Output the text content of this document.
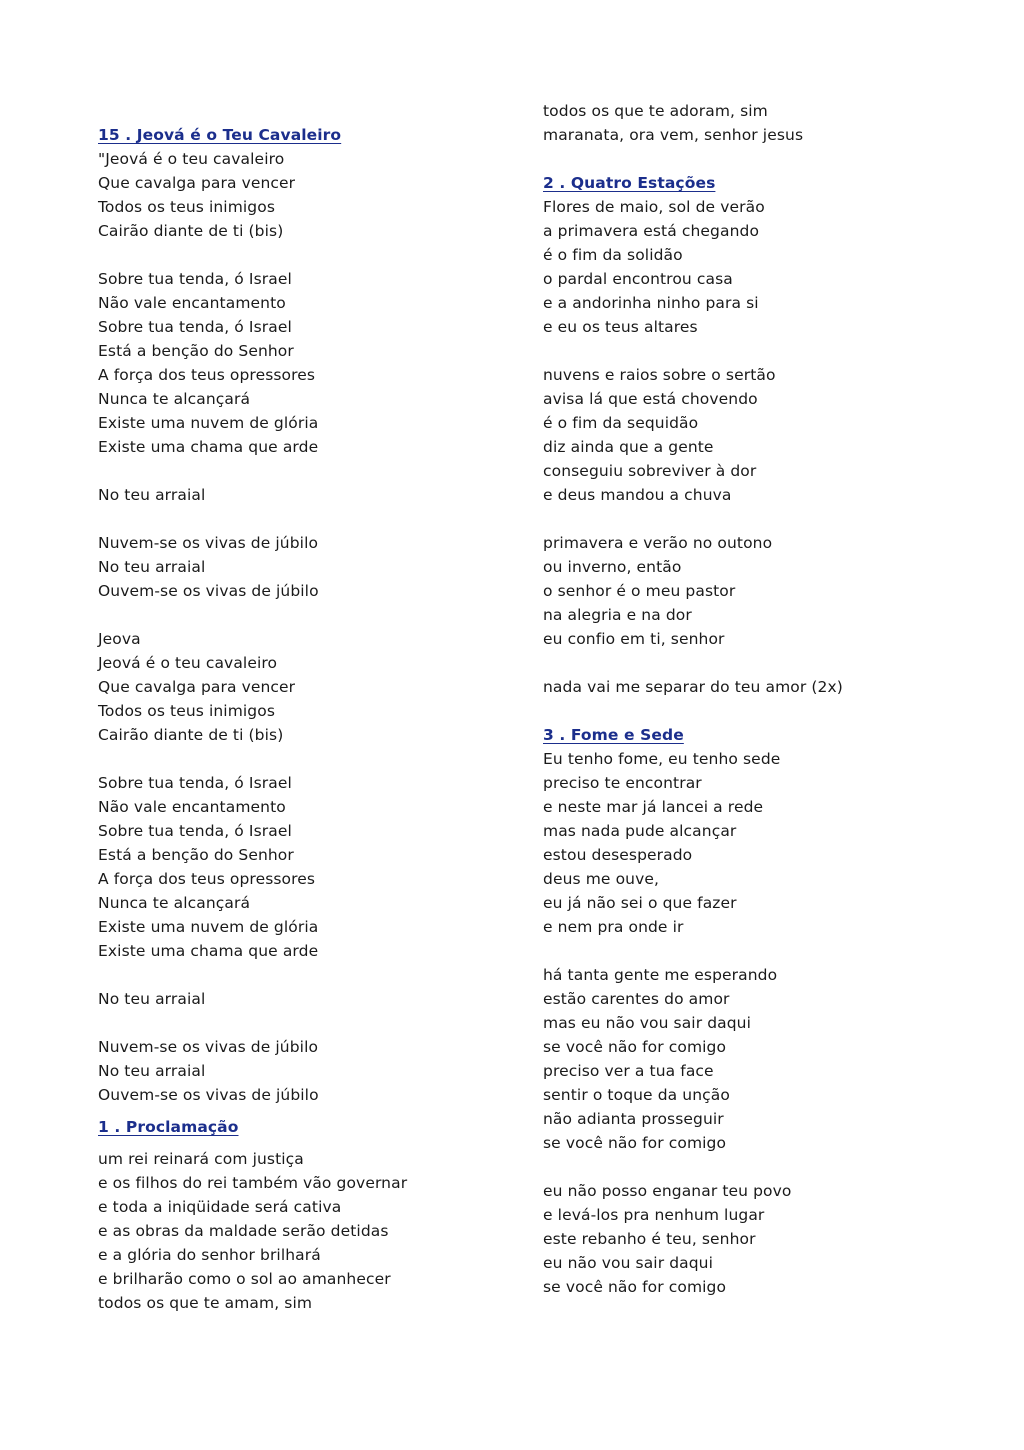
15 . Jeová é o Teu Cavaleiro
"Jeová é o teu cavaleiro
Que cavalga para vencer
Todos os teus inimigos
Cairão diante de ti (bis)
Sobre tua tenda, ó Israel
Não vale encantamento
Sobre tua tenda, ó Israel
Está a benção do Senhor
A força dos teus opressores
Nunca te alcançará
Existe uma nuvem de glória
Existe uma chama que arde
No teu arraial
Nuvem-se os vivas de júbilo
No teu arraial
Ouvem-se os vivas de júbilo
Jeova
Jeová é o teu cavaleiro
Que cavalga para vencer
Todos os teus inimigos
Cairão diante de ti (bis)
Sobre tua tenda, ó Israel
Não vale encantamento
Sobre tua tenda, ó Israel
Está a benção do Senhor
A força dos teus opressores
Nunca te alcançará
Existe uma nuvem de glória
Existe uma chama que arde
No teu arraial
Nuvem-se os vivas de júbilo
No teu arraial
Ouvem-se os vivas de júbilo
1 . Proclamação
um rei reinará com justiça
e os filhos do rei também vão governar
e toda a iniqüidade será cativa
e as obras da maldade serão detidas
e a glória do senhor brilhará
e brilharão como o sol ao amanhecer
todos os que te amam, sim
todos os que te adoram, sim
maranata, ora vem, senhor jesus
2 . Quatro Estações
Flores de maio, sol de verão
a primavera está chegando
é o fim da solidão
o pardal encontrou casa
e a andorinha ninho para si
e eu os teus altares
nuvens e raios sobre o sertão
avisa lá que está chovendo
é o fim da sequidão
diz ainda que a gente
conseguiu sobreviver à dor
e deus mandou a chuva
primavera e verão no outono
ou inverno, então
o senhor é o meu pastor
na alegria e na dor
eu confio em ti, senhor
nada vai me separar do teu amor (2x)
3 . Fome e Sede
Eu tenho fome, eu tenho sede
preciso te encontrar
e neste mar já lancei a rede
mas nada pude alcançar
estou desesperado
deus me ouve,
eu já não sei o que fazer
e nem pra onde ir
há tanta gente me esperando
estão carentes do amor
mas eu não vou sair daqui
se você não for comigo
preciso ver a tua face
sentir o toque da unção
não adianta prosseguir
se você não for comigo
eu não posso enganar teu povo
e levá-los pra nenhum lugar
este rebanho é teu, senhor
eu não vou sair daqui
se você não for comigo
